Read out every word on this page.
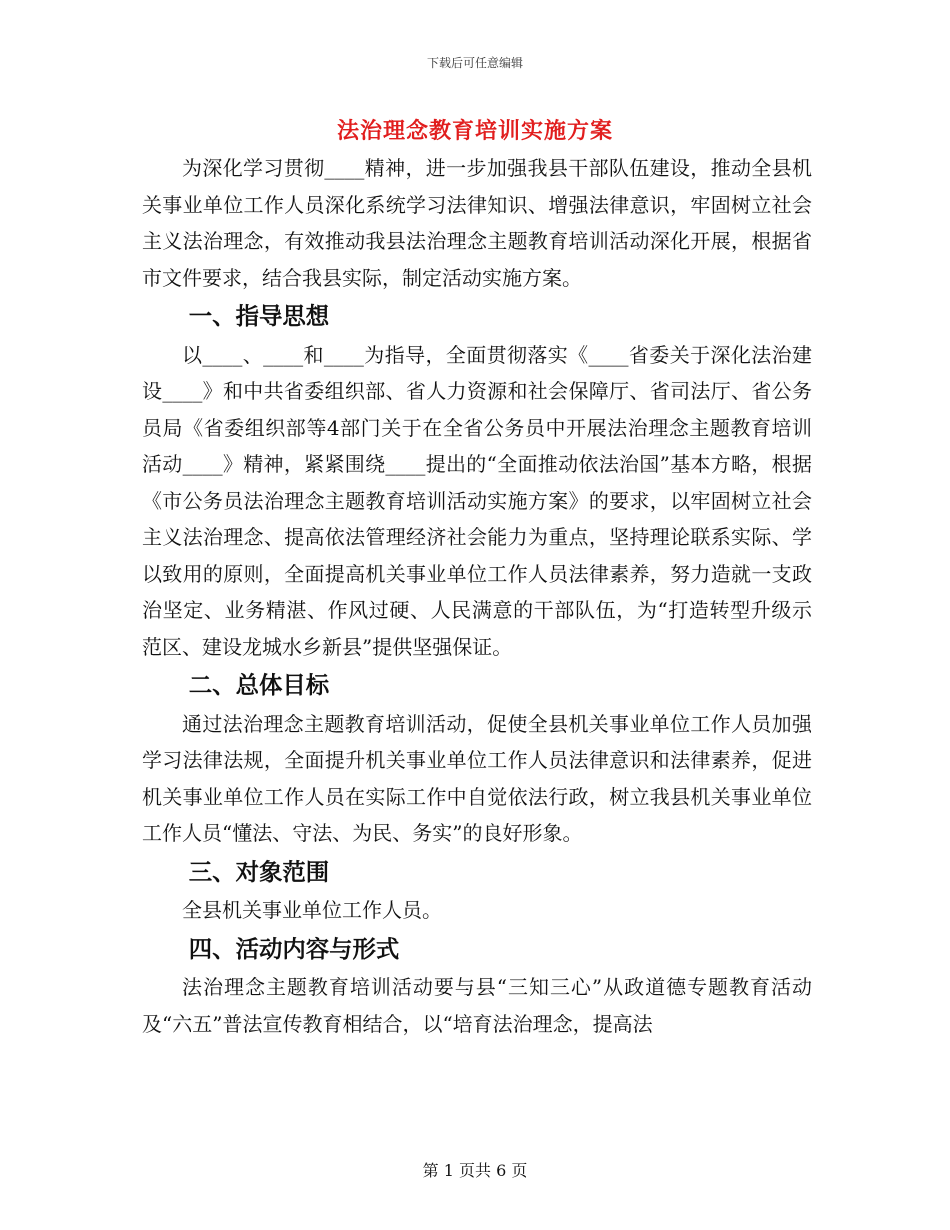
下载后可任意编辑
法治理念教育培训实施方案

为深化学习贯彻____精神，进一步加强我县干部队伍建设，推动全县机关事业单位工作人员深化系统学习法律知识、增强法律意识，牢固树立社会主义法治理念，有效推动我县法治理念主题教育培训活动深化开展，根据省市文件要求，结合我县实际，制定活动实施方案。

一、指导思想

以____、____和____为指导，全面贯彻落实《____省委关于深化法治建设____》和中共省委组织部、省人力资源和社会保障厅、省司法厅、省公务员局《省委组织部等4部门关于在全省公务员中开展法治理念主题教育培训活动____》精神，紧紧围绕____提出的“全面推动依法治国”基本方略，根据《市公务员法治理念主题教育培训活动实施方案》的要求，以牢固树立社会主义法治理念、提高依法管理经济社会能力为重点，坚持理论联系实际、学以致用的原则，全面提高机关事业单位工作人员法律素养，努力造就一支政治坚定、业务精湛、作风过硬、人民满意的干部队伍，为“打造转型升级示范区、建设龙城水乡新县”提供坚强保证。

二、总体目标

通过法治理念主题教育培训活动，促使全县机关事业单位工作人员加强学习法律法规，全面提升机关事业单位工作人员法律意识和法律素养，促进机关事业单位工作人员在实际工作中自觉依法行政，树立我县机关事业单位工作人员“懂法、守法、为民、务实”的良好形象。

三、对象范围

全县机关事业单位工作人员。

四、活动内容与形式

法治理念主题教育培训活动要与县“三知三心”从政道德专题教育活动及“六五”普法宣传教育相结合，以“培育法治理念，提高法

第 1 页共 6 页
